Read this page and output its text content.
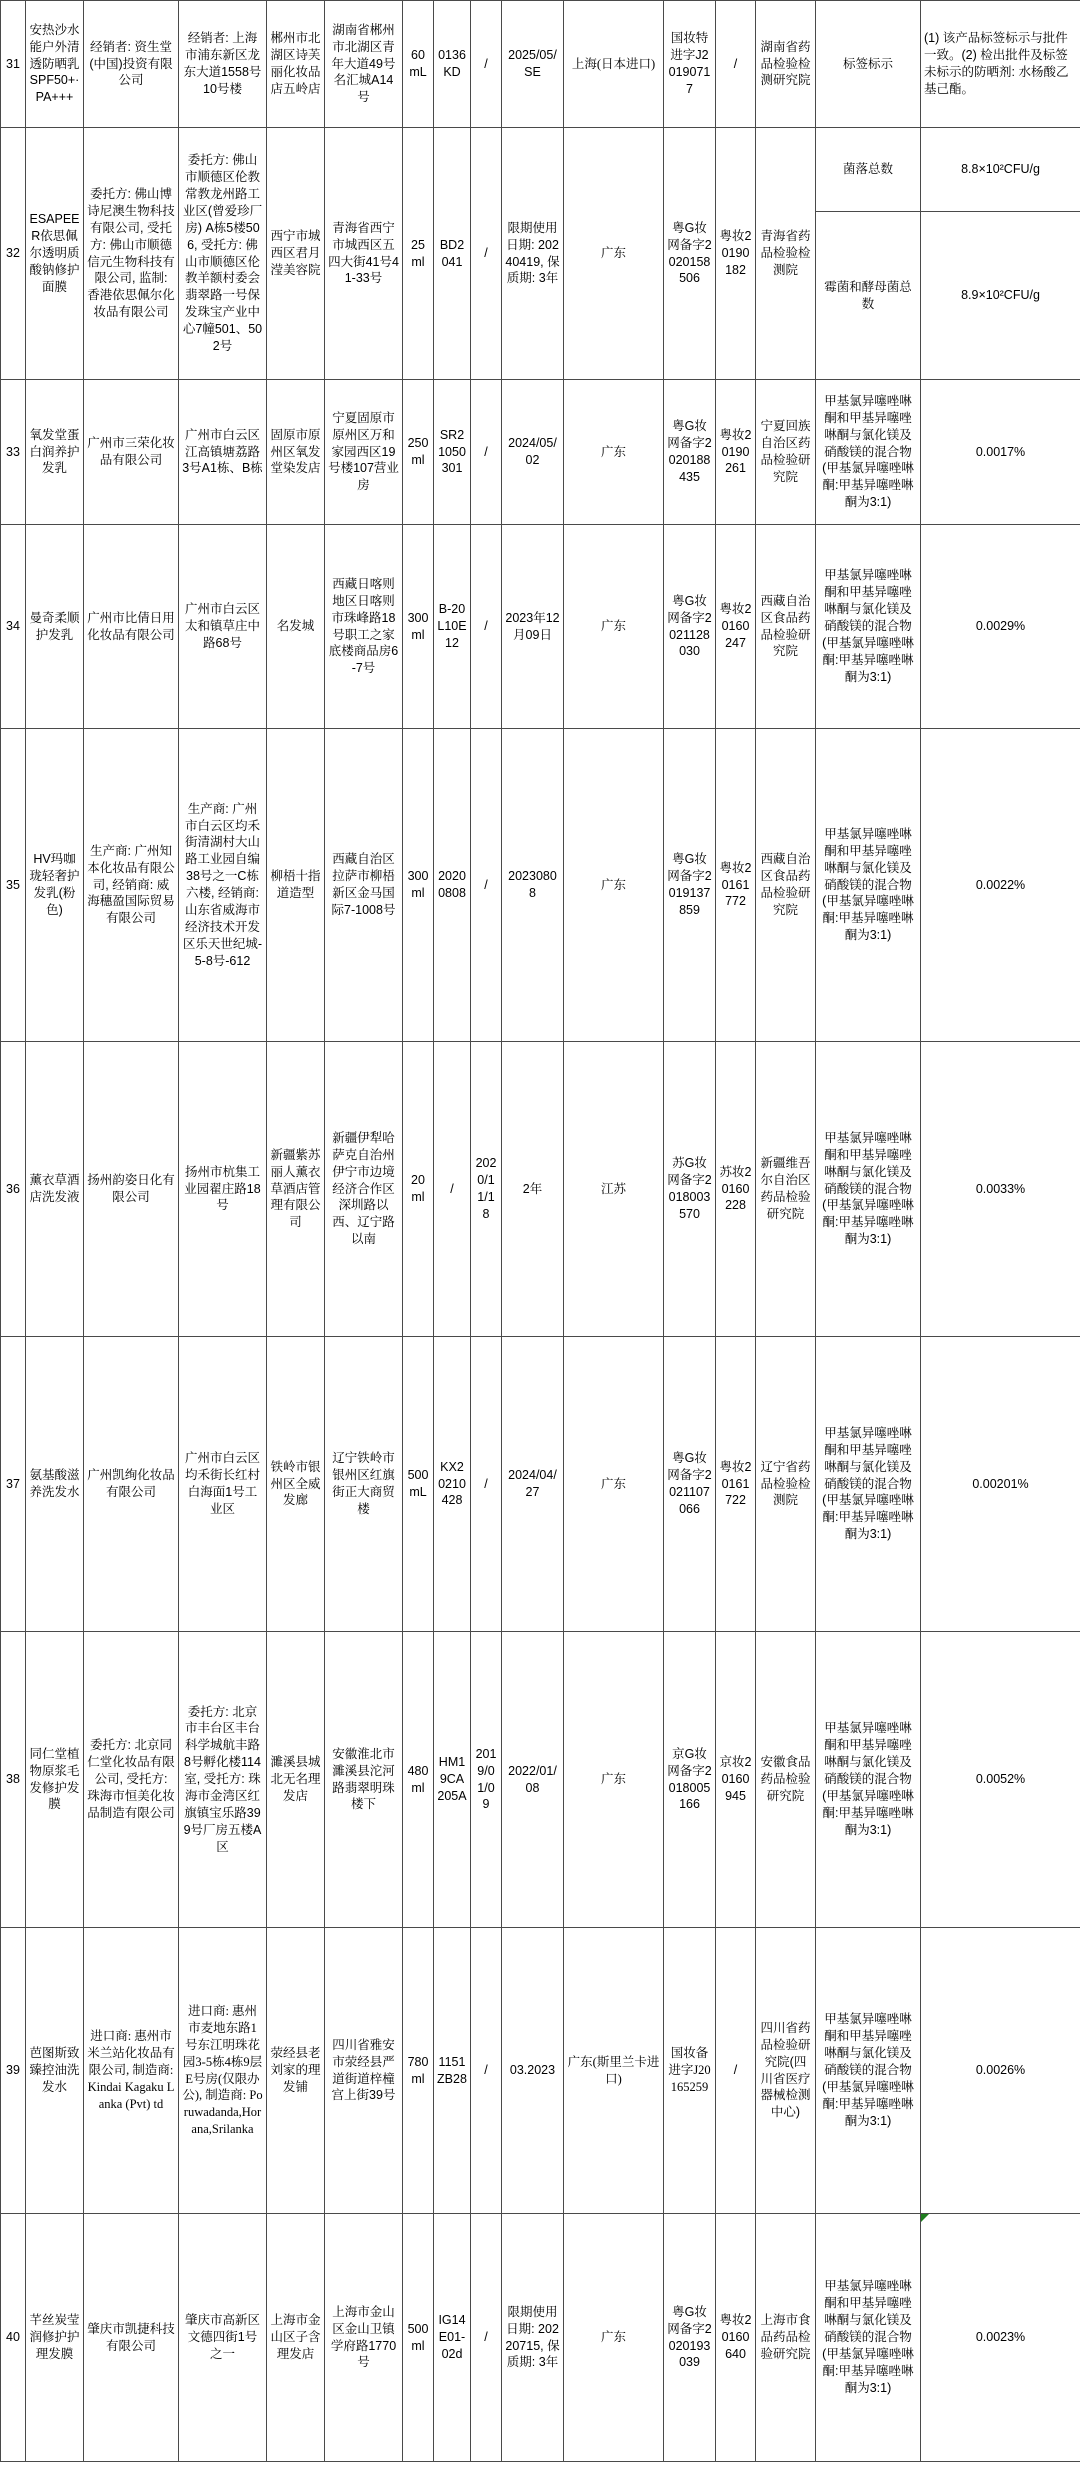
31	安热沙水能户外清透防晒乳SPF50+·PA+++	经销者: 资生堂(中国)投资有限公司	经销者: 上海市浦东新区龙东大道1558号10号楼	郴州市北湖区诗芙丽化妆品店五岭店	湖南省郴州市北湖区青年大道49号名汇城A14号	60 mL	0136KD	/	2025/05/SE	上海(日本进口)	国妆特进字J20190717	/	湖南省药品检验检测研究院	标签标示	(1) 该产品标签标示与批件一致。(2) 检出批件及标签未标示的防晒剂: 水杨酸乙基己酯。
32	ESAPEER依思佩尔透明质酸钠修护面膜	委托方: 佛山博诗尼澳生物科技有限公司, 受托方: 佛山市顺德信元生物科技有限公司, 监制: 香港依思佩尔化妆品有限公司	委托方: 佛山市顺德区伦教常教龙州路工业区(曾爱珍厂房) A栋5楼506, 受托方: 佛山市顺德区伦教羊额村委会翡翠路一号保发珠宝产业中心7幢501、502号	西宁市城西区君月滢美容院	青海省西宁市城西区五四大街41号41-33号	25 ml	BD2041	/	限期使用日期: 20240419, 保质期: 3年	广东	粤G妆网备字2020158506	粤妆20190182	青海省药品检验检测院	菌落总数	8.8×10²CFU/g
														霉菌和酵母菌总数	8.9×10²CFU/g
33	氧发堂蛋白润养护发乳	广州市三荣化妆品有限公司	广州市白云区江高镇塘荔路3号A1栋、B栋	固原市原州区氧发堂染发店	宁夏固原市原州区万和家园西区19号楼107营业房	250 ml	SR21050301	/	2024/05/02	广东	粤G妆网备字2020188435	粤妆20190261	宁夏回族自治区药品检验研究院	甲基氯异噻唑啉酮和甲基异噻唑啉酮与氯化镁及硝酸镁的混合物(甲基氯异噻唑啉酮:甲基异噻唑啉酮为3:1)	0.0017%
34	曼奇柔顺护发乳	广州市比倩日用化妆品有限公司	广州市白云区太和镇草庄中路68号	名发城	西藏日喀则地区日喀则市珠峰路18号职工之家底楼商品房6-7号	300 ml	B-20L10E12	/	2023年12月09日	广东	粤G妆网备字2021128030	粤妆20160247	西藏自治区食品药品检验研究院	甲基氯异噻唑啉酮和甲基异噻唑啉酮与氯化镁及硝酸镁的混合物(甲基氯异噻唑啉酮:甲基异噻唑啉酮为3:1)	0.0029%
35	HV玛咖珑轻奢护发乳(粉色)	生产商: 广州知本化妆品有限公司, 经销商: 威海穗盈国际贸易有限公司	生产商: 广州市白云区均禾街清湖村大山路工业园自编38号之一C栋六楼, 经销商: 山东省威海市经济技术开发区乐天世纪城-5-8号-612	柳梧十指道造型	西藏自治区拉萨市柳梧新区金马国际7-1008号	300 ml	20200808	/	20230808	广东	粤G妆网备字2019137859	粤妆20161772	西藏自治区食品药品检验研究院	甲基氯异噻唑啉酮和甲基异噻唑啉酮与氯化镁及硝酸镁的混合物(甲基氯异噻唑啉酮:甲基异噻唑啉酮为3:1)	0.0022%
36	薰衣草酒店洗发液	扬州韵姿日化有限公司	扬州市杭集工业园翟庄路18号	新疆紫苏丽人薰衣草酒店管理有限公司	新疆伊犁哈萨克自治州伊宁市边境经济合作区深圳路以西、辽宁路以南	20 ml	/	2020/11/18	2年	江苏	苏G妆网备字2018003570	苏妆20160228	新疆维吾尔自治区药品检验研究院	甲基氯异噻唑啉酮和甲基异噻唑啉酮与氯化镁及硝酸镁的混合物(甲基氯异噻唑啉酮:甲基异噻唑啉酮为3:1)	0.0033%
37	氨基酸滋养洗发水	广州凯绚化妆品有限公司	广州市白云区均禾街长红村白海面1号工业区	铁岭市银州区全威发廊	辽宁铁岭市银州区红旗街正大商贸楼	500 mL	KX20210428	/	2024/04/27	广东	粤G妆网备字2021107066	粤妆20161722	辽宁省药品检验检测院	甲基氯异噻唑啉酮和甲基异噻唑啉酮与氯化镁及硝酸镁的混合物(甲基氯异噻唑啉酮:甲基异噻唑啉酮为3:1)	0.00201%
38	同仁堂植物原浆毛发修护发膜	委托方: 北京同仁堂化妆品有限公司, 受托方: 珠海市恒美化妆品制造有限公司	委托方: 北京市丰台区丰台科学城航丰路8号孵化楼114室, 受托方: 珠海市金湾区红旗镇宝乐路399号厂房五楼A区	濉溪县城北无名理发店	安徽淮北市濉溪县沱河路翡翠明珠楼下	480 ml	HM19CA205A	2019/01/09	2022/01/08	广东	京G妆网备字2018005166	京妆20160945	安徽食品药品检验研究院	甲基氯异噻唑啉酮和甲基异噻唑啉酮与氯化镁及硝酸镁的混合物 (甲基氯异噻唑啉酮:甲基异噻唑啉酮为3:1)	0.0052%
39	芭图斯致臻控油洗发水	进口商: 惠州市米兰站化妆品有限公司, 制造商: Kindai Kagaku Lanka (Pvt) td	进口商: 惠州市麦地东路1号东江明珠花园3-5栋4栋9层E号房(仅限办公), 制造商: Poruwadanda,Horana,Srilanka	荥经县老刘家的理发铺	四川省雅安市荥经县严道街道梓橦宫上街39号	780 ml	1151ZB28	/	03.2023	广东(斯里兰卡进口)	国妆备进字J20165259	/	四川省药品检验研究院(四川省医疗器械检测中心)	甲基氯异噻唑啉酮和甲基异噻唑啉酮与氯化镁及硝酸镁的混合物(甲基氯异噻唑啉酮:甲基异噻唑啉酮为3:1)	0.0026%
40	芊丝炭莹润修护护理发膜	肇庆市凯捷科技有限公司	肇庆市高新区文德四街1号之一	上海市金山区子含理发店	上海市金山区金山卫镇学府路1770号	500 ml	IG14E01-02d	/	限期使用日期: 20220715, 保质期: 3年	广东	粤G妆网备字2020193039	粤妆20160640	上海市食品药品检验研究院	甲基氯异噻唑啉酮和甲基异噻唑啉酮与氯化镁及硝酸镁的混合物(甲基氯异噻唑啉酮:甲基异噻唑啉酮为3:1)	0.0023%
